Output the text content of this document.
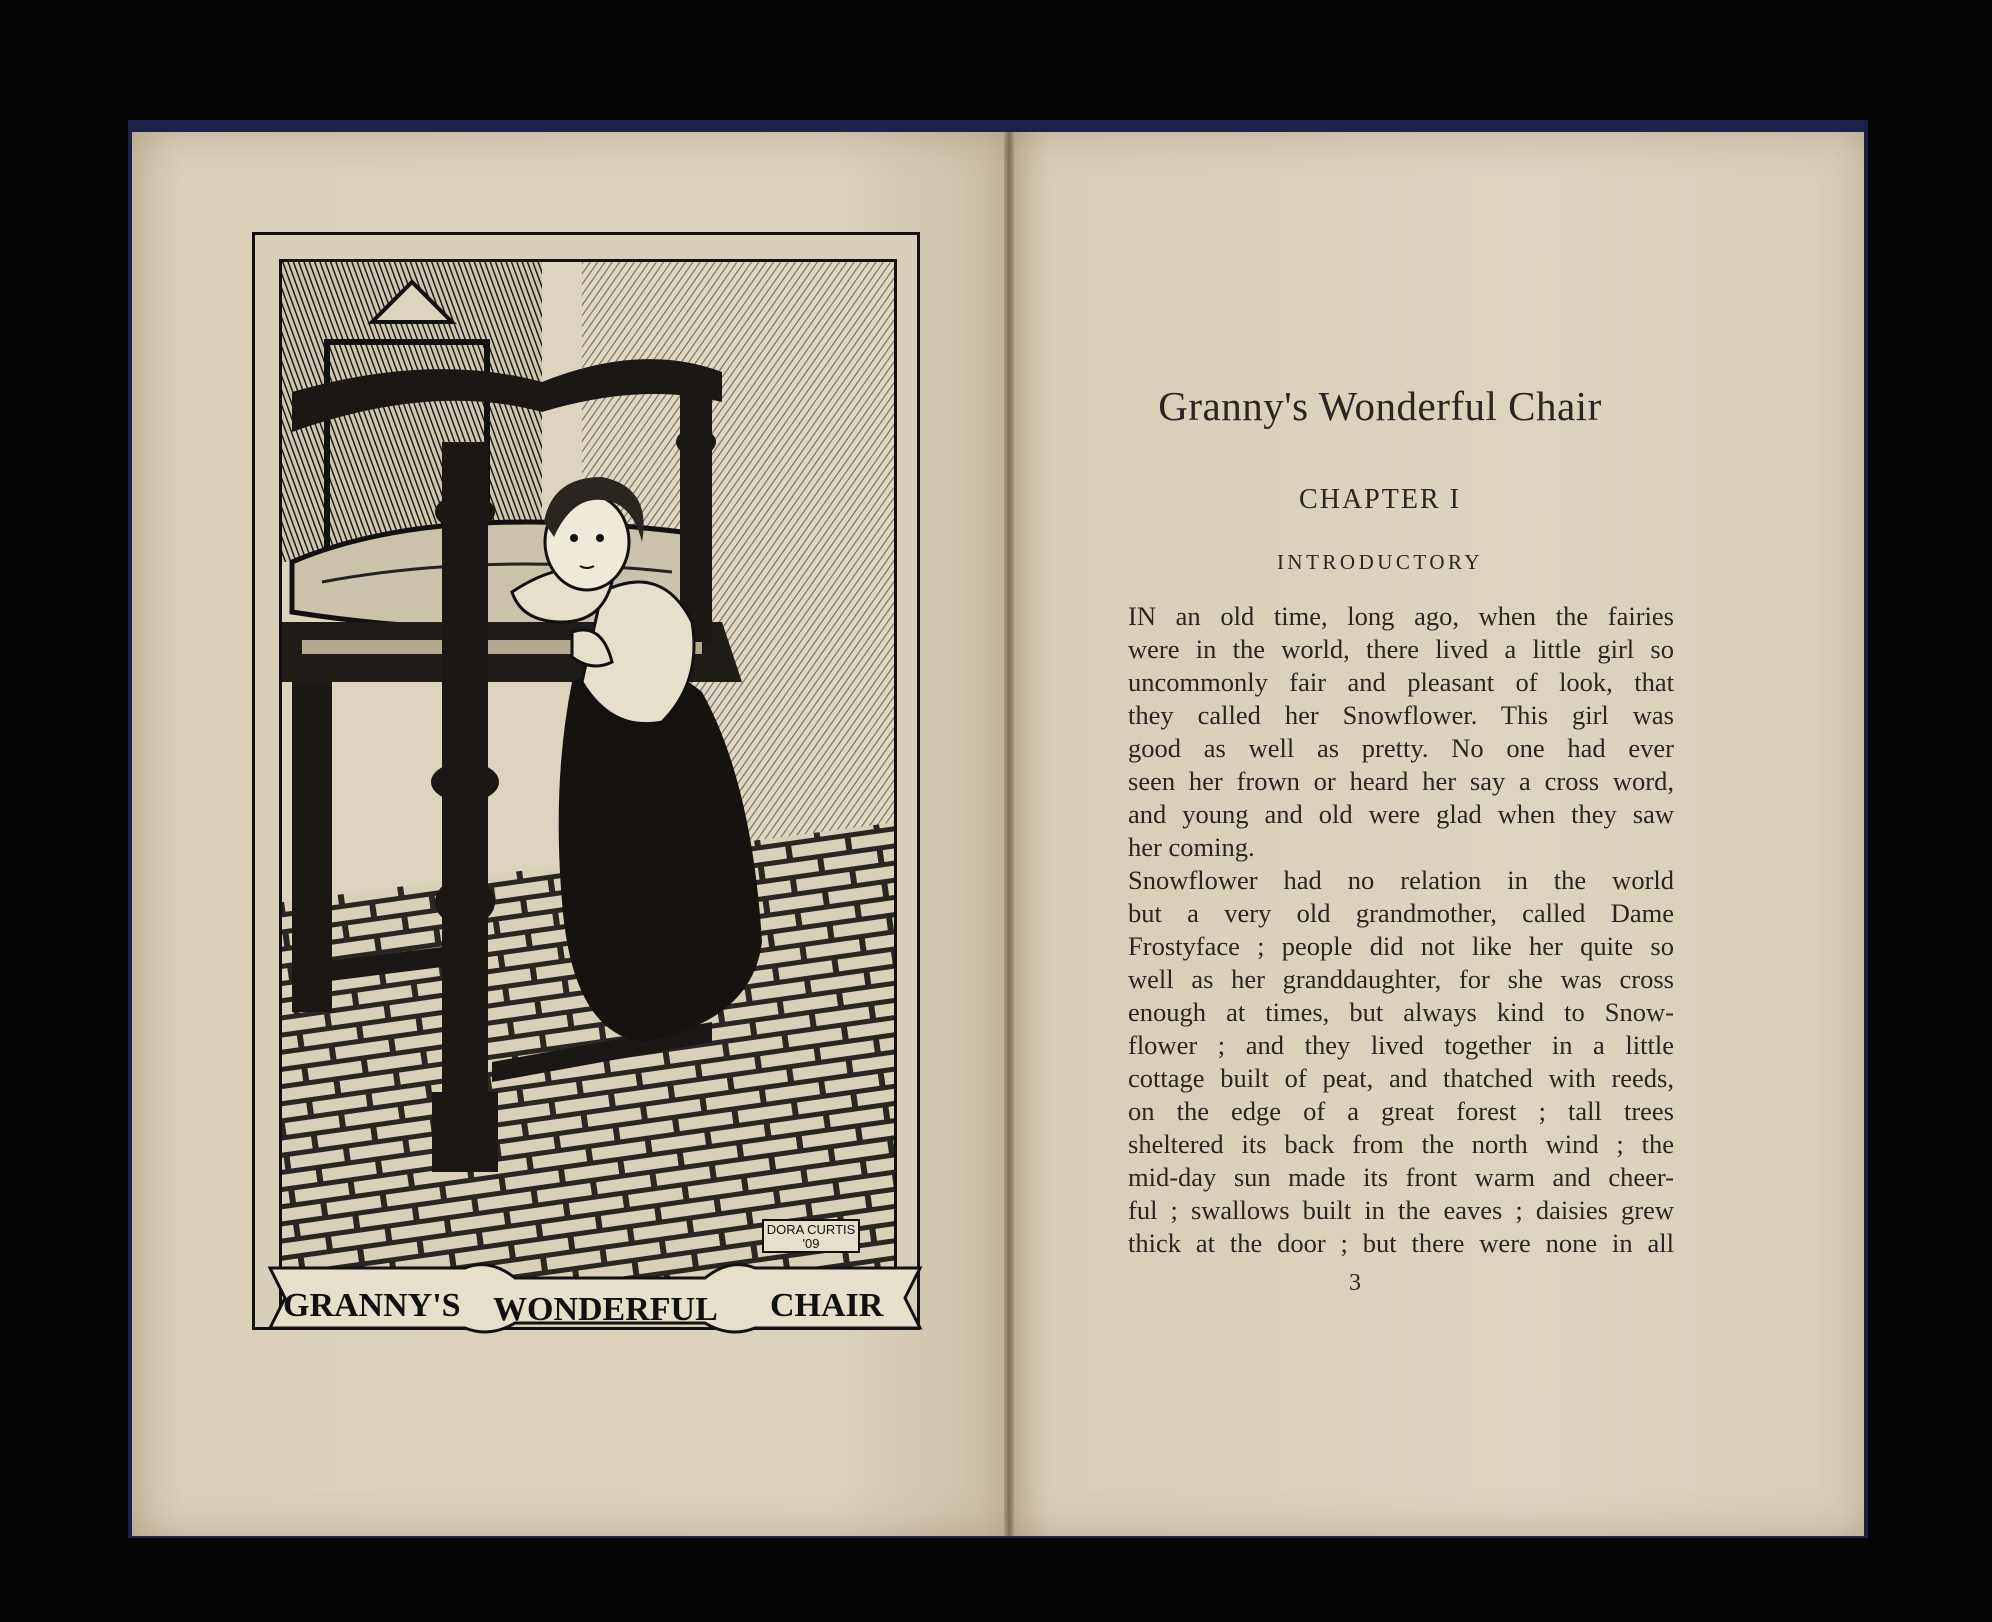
GRANNY'S WONDERFUL CHAIR
DORA CURTIS
'09
Granny's Wonderful Chair
CHAPTER I
INTRODUCTORY

IN an old time, long ago, when the fairies
were in the world, there lived a little girl so
uncommonly fair and pleasant of look, that
they called her Snowflower. This girl was
good as well as pretty. No one had ever
seen her frown or heard her say a cross word,
and young and old were glad when they saw
her coming.

Snowflower had no relation in the world
but a very old grandmother, called Dame
Frostyface ; people did not like her quite so
well as her granddaughter, for she was cross
enough at times, but always kind to Snow-
flower ; and they lived together in a little
cottage built of peat, and thatched with reeds,
on the edge of a great forest ; tall trees
sheltered its back from the north wind ; the
mid-day sun made its front warm and cheer-
ful ; swallows built in the eaves ; daisies grew
thick at the door ; but there were none in all

3
